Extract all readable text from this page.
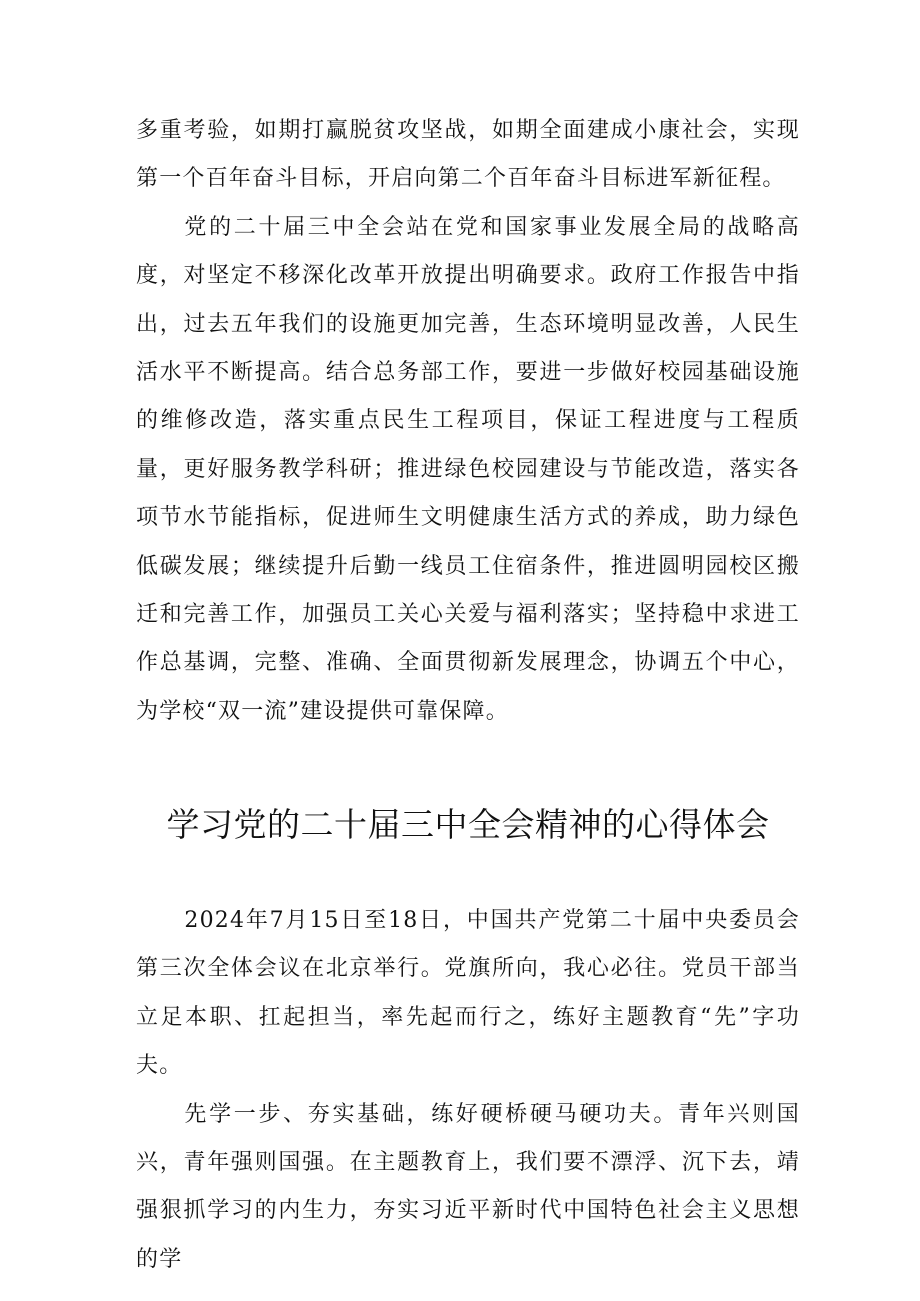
多重考验，如期打赢脱贫攻坚战，如期全面建成小康社会，实现第一个百年奋斗目标，开启向第二个百年奋斗目标进军新征程。

党的二十届三中全会站在党和国家事业发展全局的战略高度，对坚定不移深化改革开放提出明确要求。政府工作报告中指出，过去五年我们的设施更加完善，生态环境明显改善，人民生活水平不断提高。结合总务部工作，要进一步做好校园基础设施的维修改造，落实重点民生工程项目，保证工程进度与工程质量，更好服务教学科研；推进绿色校园建设与节能改造，落实各项节水节能指标，促进师生文明健康生活方式的养成，助力绿色低碳发展；继续提升后勤一线员工住宿条件，推进圆明园校区搬迁和完善工作，加强员工关心关爱与福利落实；坚持稳中求进工作总基调，完整、准确、全面贯彻新发展理念，协调五个中心，为学校“双一流”建设提供可靠保障。

学习党的二十届三中全会精神的心得体会

2024年7月15日至18日，中国共产党第二十届中央委员会第三次全体会议在北京举行。党旗所向，我心必往。党员干部当立足本职、扛起担当，率先起而行之，练好主题教育“先”字功夫。

先学一步、夯实基础，练好硬桥硬马硬功夫。青年兴则国兴，青年强则国强。在主题教育上，我们要不漂浮、沉下去，靖强狠抓学习的内生力，夯实习近平新时代中国特色社会主义思想的学
